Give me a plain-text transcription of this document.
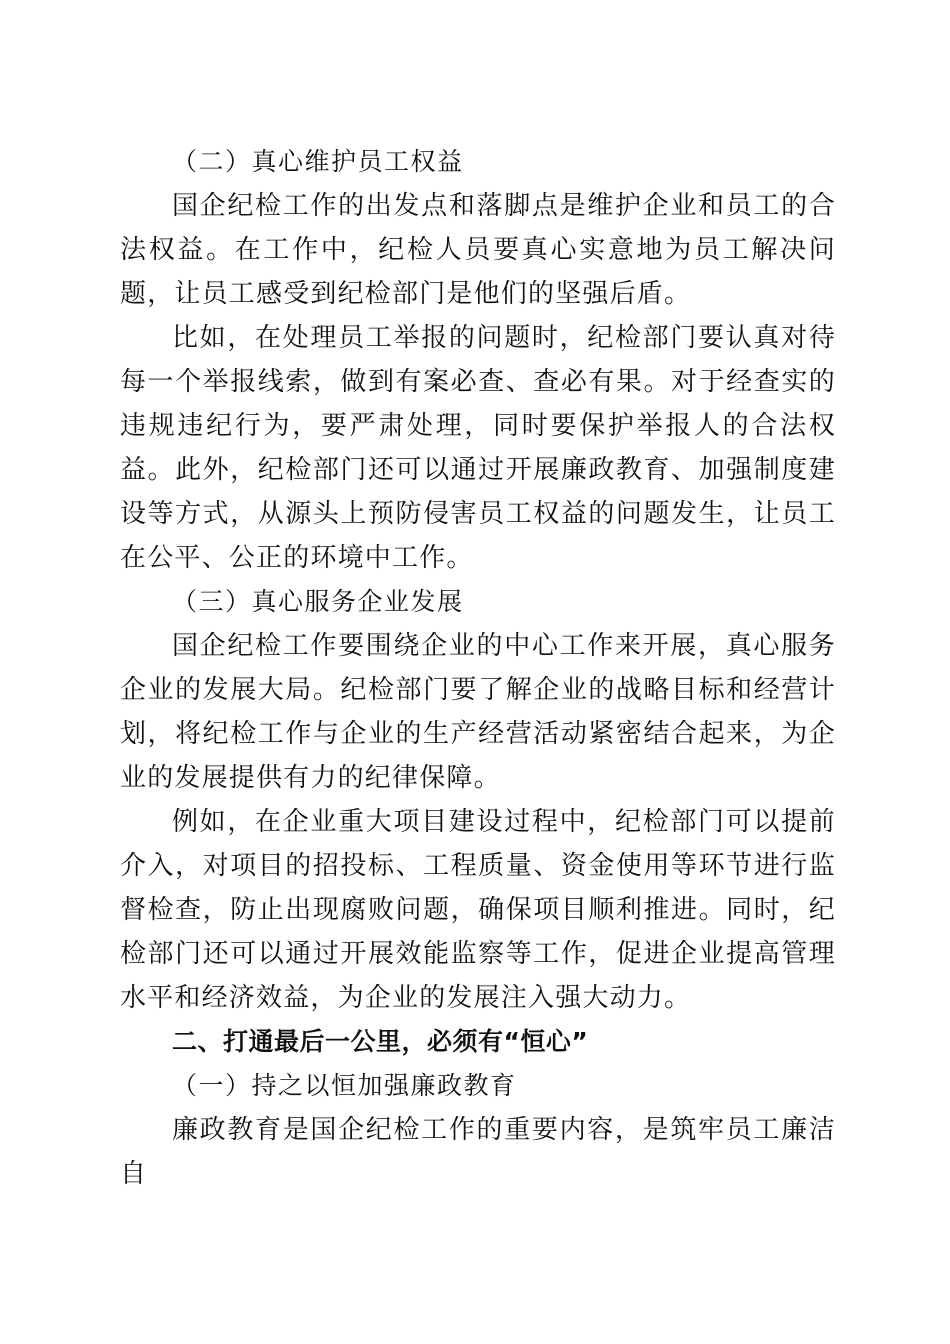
（二）真心维护员工权益

国企纪检工作的出发点和落脚点是维护企业和员工的合法权益。在工作中，纪检人员要真心实意地为员工解决问题，让员工感受到纪检部门是他们的坚强后盾。

比如，在处理员工举报的问题时，纪检部门要认真对待每一个举报线索，做到有案必查、查必有果。对于经查实的违规违纪行为，要严肃处理，同时要保护举报人的合法权益。此外，纪检部门还可以通过开展廉政教育、加强制度建设等方式，从源头上预防侵害员工权益的问题发生，让员工在公平、公正的环境中工作。

（三）真心服务企业发展

国企纪检工作要围绕企业的中心工作来开展，真心服务企业的发展大局。纪检部门要了解企业的战略目标和经营计划，将纪检工作与企业的生产经营活动紧密结合起来，为企业的发展提供有力的纪律保障。

例如，在企业重大项目建设过程中，纪检部门可以提前介入，对项目的招投标、工程质量、资金使用等环节进行监督检查，防止出现腐败问题，确保项目顺利推进。同时，纪检部门还可以通过开展效能监察等工作，促进企业提高管理水平和经济效益，为企业的发展注入强大动力。

二、打通最后一公里，必须有“恒心”

（一）持之以恒加强廉政教育

廉政教育是国企纪检工作的重要内容，是筑牢员工廉洁自
